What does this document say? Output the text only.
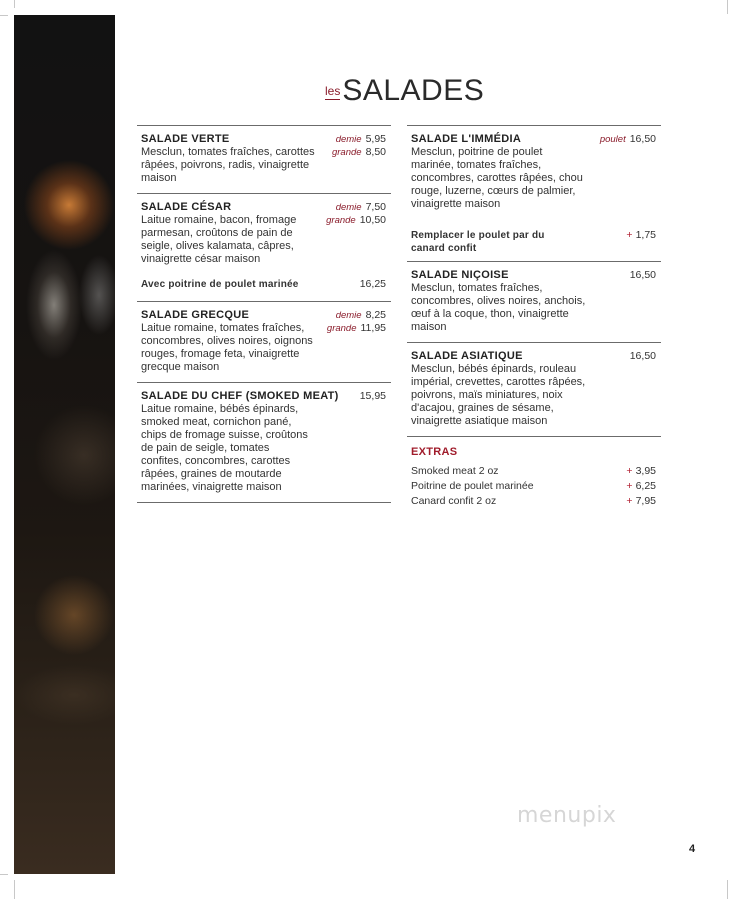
les SALADES
SALADE VERTE
Mesclun, tomates fraîches, carottes râpées, poivrons, radis, vinaigrette maison
demie 5,95
grande 8,50
SALADE CÉSAR
Laitue romaine, bacon, fromage parmesan, croûtons de pain de seigle, olives kalamata, câpres, vinaigrette césar maison
demie 7,50
grande 10,50
Avec poitrine de poulet marinée	16,25
SALADE GRECQUE
Laitue romaine, tomates fraîches, concombres, olives noires, oignons rouges, fromage feta, vinaigrette grecque maison
demie 8,25
grande 11,95
SALADE DU CHEF (SMOKED MEAT)
Laitue romaine, bébés épinards, smoked meat, cornichon pané, chips de fromage suisse, croûtons de pain de seigle, tomates confites, concombres, carottes râpées, graines de moutarde marinées, vinaigrette maison
15,95
SALADE L'IMMÉDIA
Mesclun, poitrine de poulet marinée, tomates fraîches, concombres, carottes râpées, chou rouge, luzerne, cœurs de palmier, vinaigrette maison
poulet 16,50
Remplacer le poulet par du canard confit
+ 1,75
SALADE NIÇOISE
Mesclun, tomates fraîches, concombres, olives noires, anchois, œuf à la coque, thon, vinaigrette maison
16,50
SALADE ASIATIQUE
Mesclun, bébés épinards, rouleau impérial, crevettes, carottes râpées, poivrons, maïs miniatures, noix d'acajou, graines de sésame, vinaigrette asiatique maison
16,50
EXTRAS
Smoked meat 2 oz	+ 3,95
Poitrine de poulet marinée	+ 6,25
Canard confit 2 oz	+ 7,95
menupix
4
